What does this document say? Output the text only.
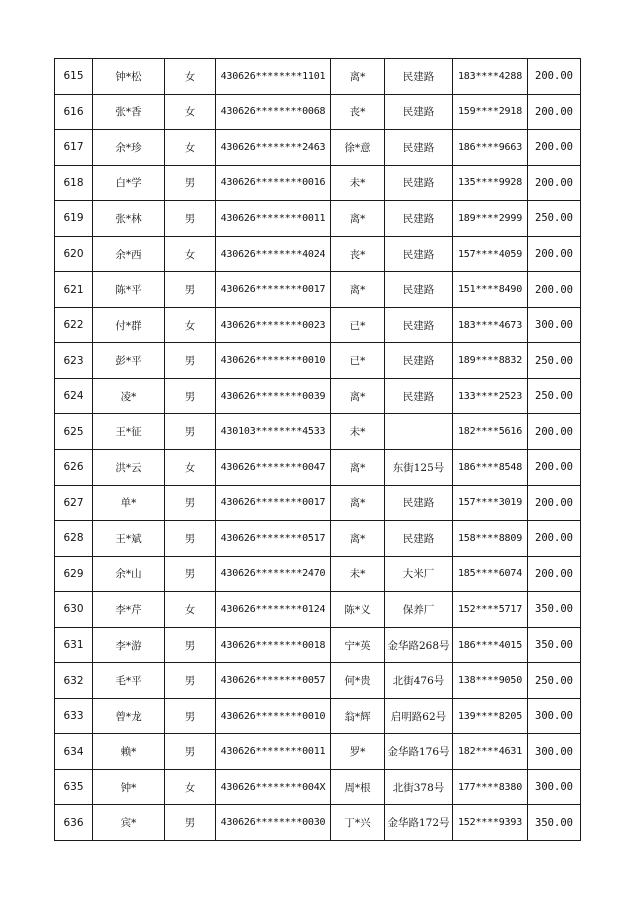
615	钟*松	女	430626********1101	离*	民建路	183****4288	200.00
616	张*香	女	430626********0068	丧*	民建路	159****2918	200.00
617	余*珍	女	430626********2463	徐*意	民建路	186****9663	200.00
618	白*学	男	430626********0016	未*	民建路	135****9928	200.00
619	张*林	男	430626********0011	离*	民建路	189****2999	250.00
620	余*西	女	430626********4024	丧*	民建路	157****4059	200.00
621	陈*平	男	430626********0017	离*	民建路	151****8490	200.00
622	付*群	女	430626********0023	已*	民建路	183****4673	300.00
623	彭*平	男	430626********0010	已*	民建路	189****8832	250.00
624	凌*	男	430626********0039	离*	民建路	133****2523	250.00
625	王*征	男	430103********4533	未*		182****5616	200.00
626	洪*云	女	430626********0047	离*	东街125号	186****8548	200.00
627	单*	男	430626********0017	离*	民建路	157****3019	200.00
628	王*斌	男	430626********0517	离*	民建路	158****8809	200.00
629	余*山	男	430626********2470	未*	大米厂	185****6074	200.00
630	李*芹	女	430626********0124	陈*义	保养厂	152****5717	350.00
631	李*游	男	430626********0018	宁*英	金华路268号	186****4015	350.00
632	毛*平	男	430626********0057	何*贵	北街476号	138****9050	250.00
633	曾*龙	男	430626********0010	翁*辉	启明路62号	139****8205	300.00
634	赖*	男	430626********0011	罗*	金华路176号	182****4631	300.00
635	钟*	女	430626********004X	周*根	北街378号	177****8380	300.00
636	宾*	男	430626********0030	丁*兴	金华路172号	152****9393	350.00
